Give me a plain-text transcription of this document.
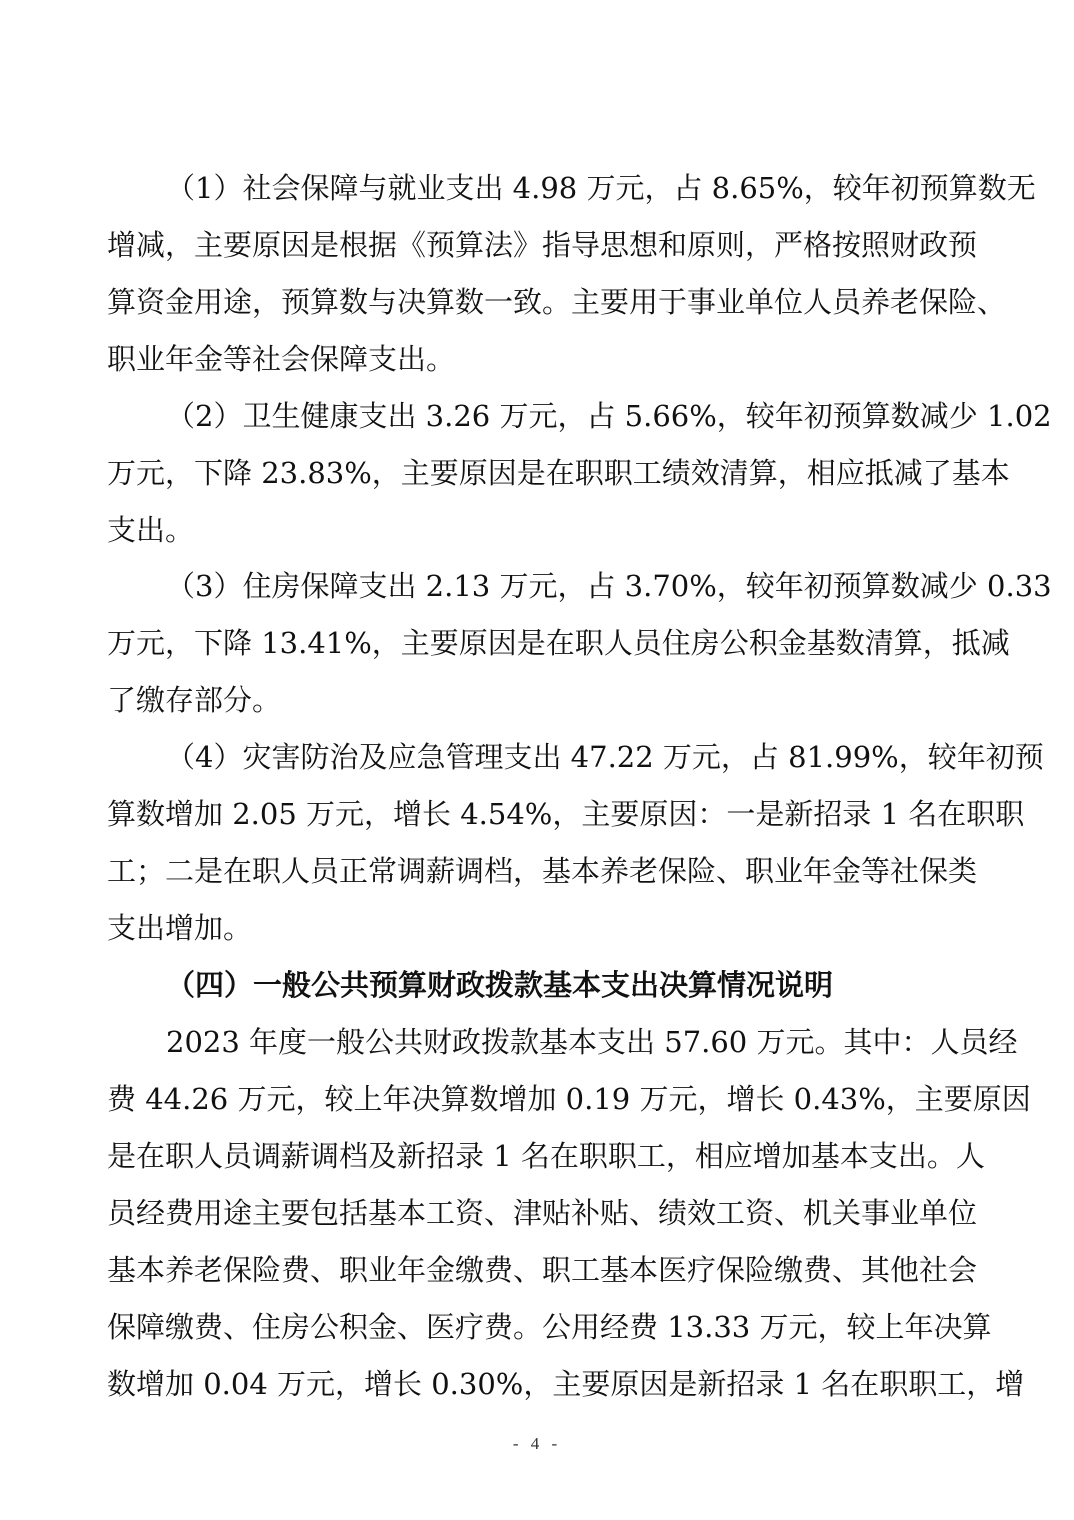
（1）社会保障与就业支出 4.98 万元，占 8.65%，较年初预算数无
增减，主要原因是根据《预算法》指导思想和原则，严格按照财政预
算资金用途，预算数与决算数一致。主要用于事业单位人员养老保险、
职业年金等社会保障支出。
（2）卫生健康支出 3.26 万元，占 5.66%，较年初预算数减少 1.02
万元，下降 23.83%，主要原因是在职职工绩效清算，相应抵减了基本
支出。
（3）住房保障支出 2.13 万元，占 3.70%，较年初预算数减少 0.33
万元，下降 13.41%，主要原因是在职人员住房公积金基数清算，抵减
了缴存部分。
（4）灾害防治及应急管理支出 47.22 万元，占 81.99%，较年初预
算数增加 2.05 万元，增长 4.54%，主要原因：一是新招录 1 名在职职
工；二是在职人员正常调薪调档，基本养老保险、职业年金等社保类
支出增加。
（四）一般公共预算财政拨款基本支出决算情况说明
2023 年度一般公共财政拨款基本支出 57.60 万元。其中：人员经
费 44.26 万元，较上年决算数增加 0.19 万元，增长 0.43%，主要原因
是在职人员调薪调档及新招录 1 名在职职工，相应增加基本支出。人
员经费用途主要包括基本工资、津贴补贴、绩效工资、机关事业单位
基本养老保险费、职业年金缴费、职工基本医疗保险缴费、其他社会
保障缴费、住房公积金、医疗费。公用经费 13.33 万元，较上年决算
数增加 0.04 万元，增长 0.30%，主要原因是新招录 1 名在职职工，增
- 4 -
